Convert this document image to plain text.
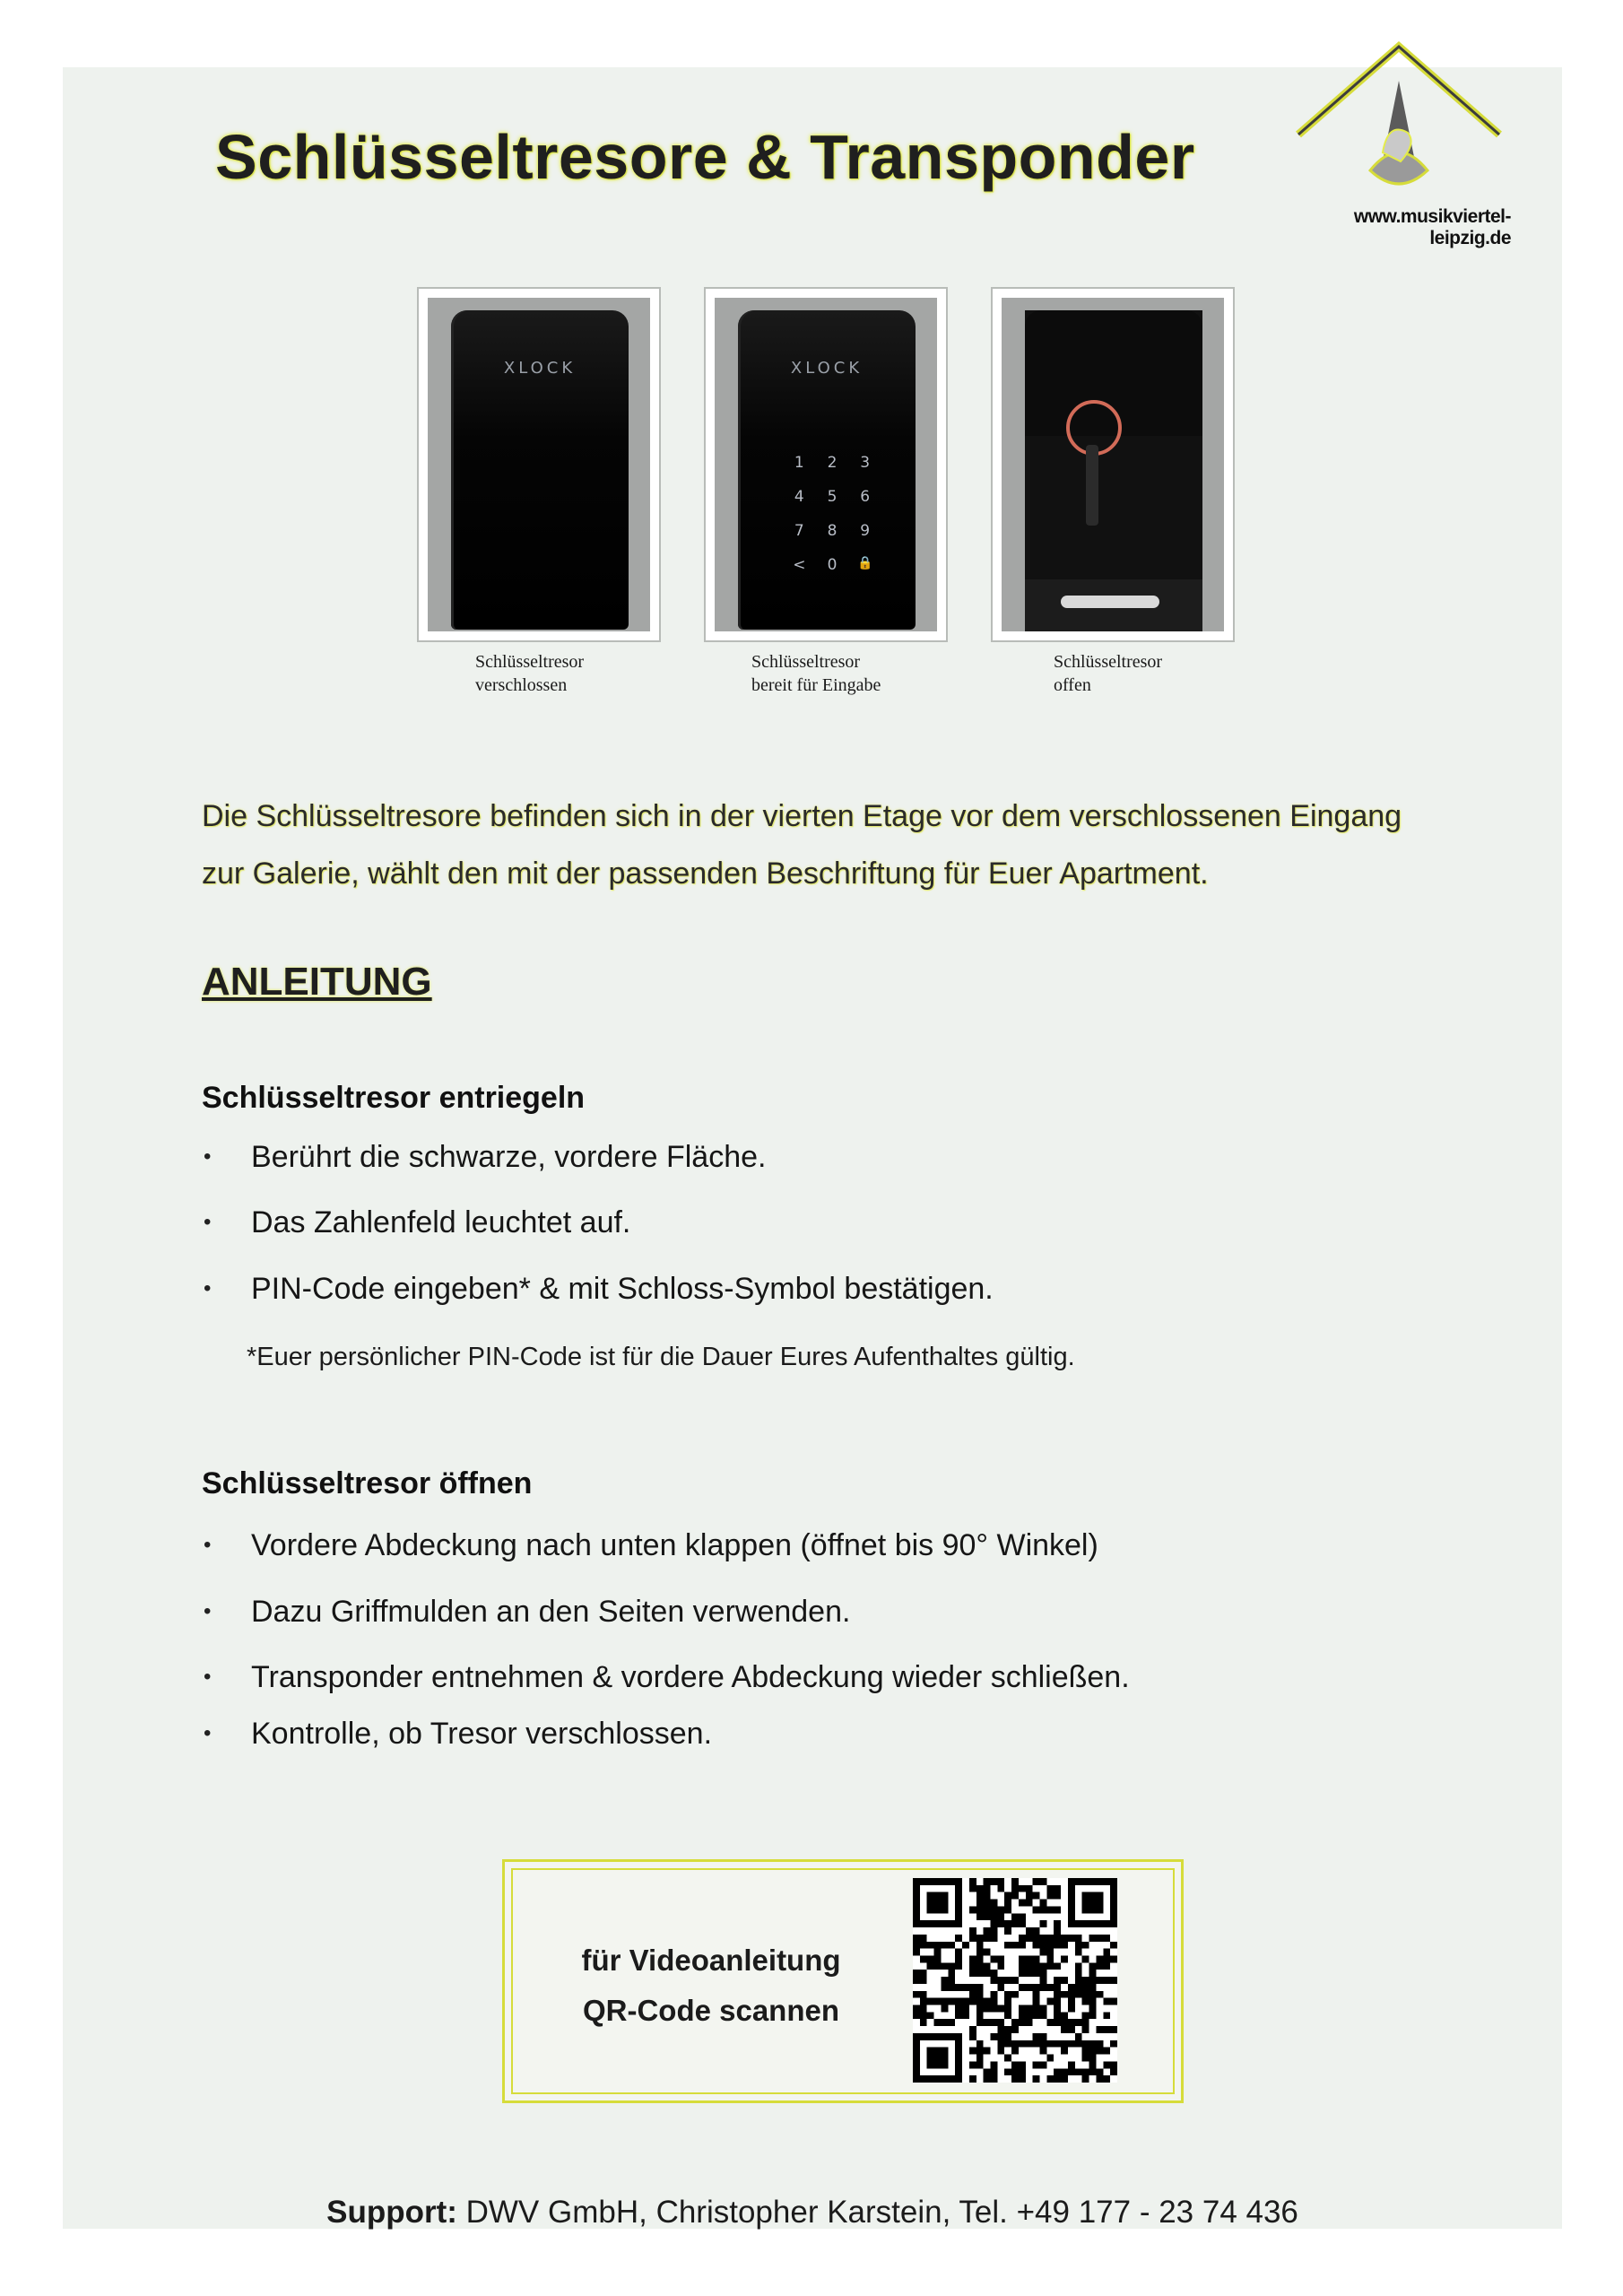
Schlüsseltresore & Transponder
www.musikviertel-leipzig.de
XLOCK
Schlüsseltresor
verschlossen
XLOCK
1	2	3
4	5	6
7	8	9
<	0	🔒
Schlüsseltresor
bereit für Eingabe
Schlüsseltresor
offen
Die Schlüsseltresore befinden sich in der vierten Etage vor dem verschlossenen Eingang
zur Galerie, wählt den mit der passenden Beschriftung für Euer Apartment.
ANLEITUNG
Schlüsseltresor entriegeln
• Berührt die schwarze, vordere Fläche.
• Das Zahlenfeld leuchtet auf.
• PIN-Code eingeben* & mit Schloss-Symbol bestätigen.
*Euer persönlicher PIN-Code ist für die Dauer Eures Aufenthaltes gültig.
Schlüsseltresor öffnen
• Vordere Abdeckung nach unten klappen (öffnet bis 90° Winkel)
• Dazu Griffmulden an den Seiten verwenden.
• Transponder entnehmen & vordere Abdeckung wieder schließen.
• Kontrolle, ob Tresor verschlossen.
für Videoanleitung
QR-Code scannen
Support: DWV GmbH, Christopher Karstein, Tel. +49 177 - 23 74 436
